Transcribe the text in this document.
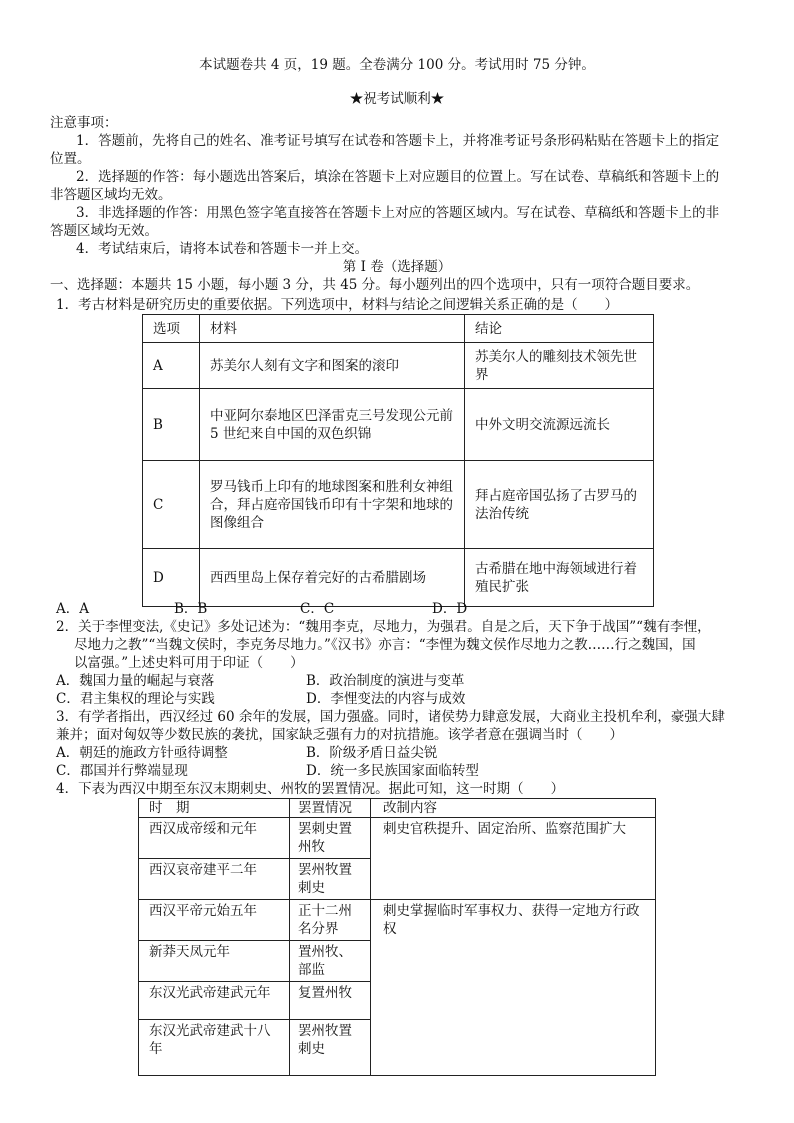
本试题卷共 4 页，19 题。全卷满分 100 分。考试用时 75 分钟。
★祝考试顺利★
注意事项：
1．答题前，先将自己的姓名、准考证号填写在试卷和答题卡上，并将准考证号条形码粘贴在答题卡上的指定
位置。
2．选择题的作答：每小题选出答案后，填涂在答题卡上对应题目的位置上。写在试卷、草稿纸和答题卡上的
非答题区域均无效。
3．非选择题的作答：用黑色签字笔直接答在答题卡上对应的答题区域内。写在试卷、草稿纸和答题卡上的非
答题区域均无效。
4．考试结束后，请将本试卷和答题卡一并上交。
第 I 卷（选择题）
一、选择题：本题共 15 小题，每小题 3 分，共 45 分。每小题列出的四个选项中，只有一项符合题目要求。
1．考古材料是研究历史的重要依据。下列选项中，材料与结论之间逻辑关系正确的是（　　）
选项	材料	结论
A	苏美尔人刻有文字和图案的滚印	苏美尔人的雕刻技术领先世界
B	中亚阿尔泰地区巴泽雷克三号发现公元前 5 世纪来自中国的双色织锦	中外文明交流源远流长
C	罗马钱币上印有的地球图案和胜利女神组合，拜占庭帝国钱币印有十字架和地球的图像组合	拜占庭帝国弘扬了古罗马的法治传统
D	西西里岛上保存着完好的古希腊剧场	古希腊在地中海领域进行着殖民扩张
A．A	B．B	C．C	D．D
2．关于李悝变法,《史记》多处记述为：“魏用李克，尽地力，为强君。自是之后，天下争于战国”“魏有李悝，
尽地力之教”“当魏文侯时，李克务尽地力。”《汉书》亦言：“李悝为魏文侯作尽地力之教……行之魏国，国
以富强。”上述史料可用于印证（　　）
A．魏国力量的崛起与衰落	B．政治制度的演进与变革
C．君主集权的理论与实践	D．李悝变法的内容与成效
3．有学者指出，西汉经过 60 余年的发展，国力强盛。同时，诸侯势力肆意发展，大商业主投机牟利，豪强大肆
兼并；面对匈奴等少数民族的袭扰，国家缺乏强有力的对抗措施。该学者意在强调当时（　　）
A．朝廷的施政方针亟待调整	B．阶级矛盾日益尖锐
C．郡国并行弊端显现	D．统一多民族国家面临转型
4．下表为西汉中期至东汉末期刺史、州牧的罢置情况。据此可知，这一时期（　　）
时　期	罢置情况	改制内容
西汉成帝绥和元年	罢刺史置州牧	刺史官秩提升、固定治所、监察范围扩大
西汉哀帝建平二年	罢州牧置刺史	
西汉平帝元始五年	正十二州名分界	刺史掌握临时军事权力、获得一定地方行政权
新莽天凤元年	置州牧、部监	
东汉光武帝建武元年	复置州牧	
东汉光武帝建武十八年	罢州牧置刺史	
